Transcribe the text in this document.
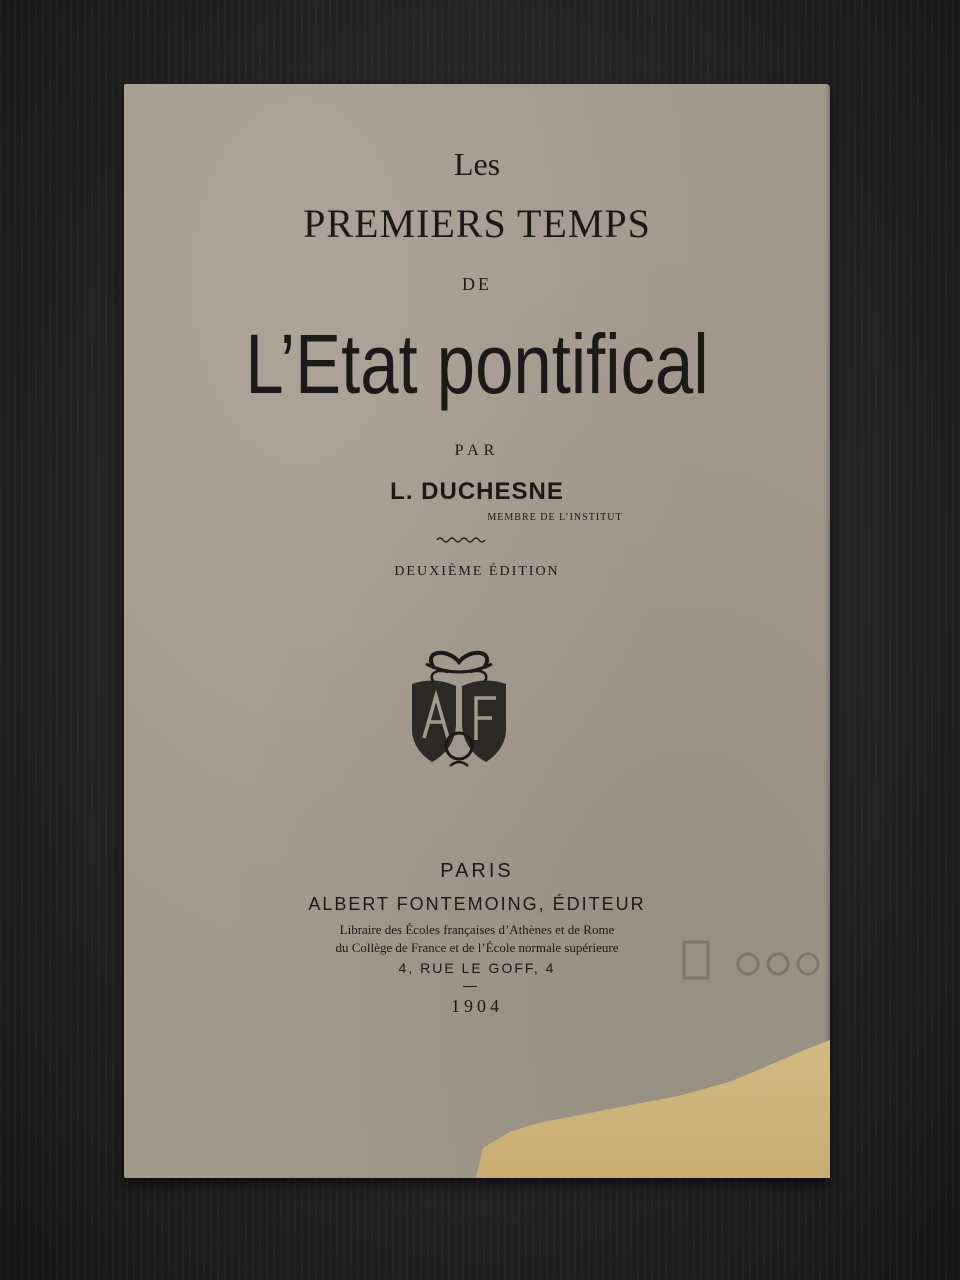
Les
PREMIERS TEMPS
DE
L’Etat pontifical
PAR
L. DUCHESNE
MEMBRE DE L’INSTITUT
DEUXIÈME ÉDITION
PARIS
ALBERT FONTEMOING, ÉDITEUR
Libraire des Écoles françaises d’Athènes et de Rome
du Collège de France et de l’École normale supérieure
4, RUE LE GOFF, 4
1904
